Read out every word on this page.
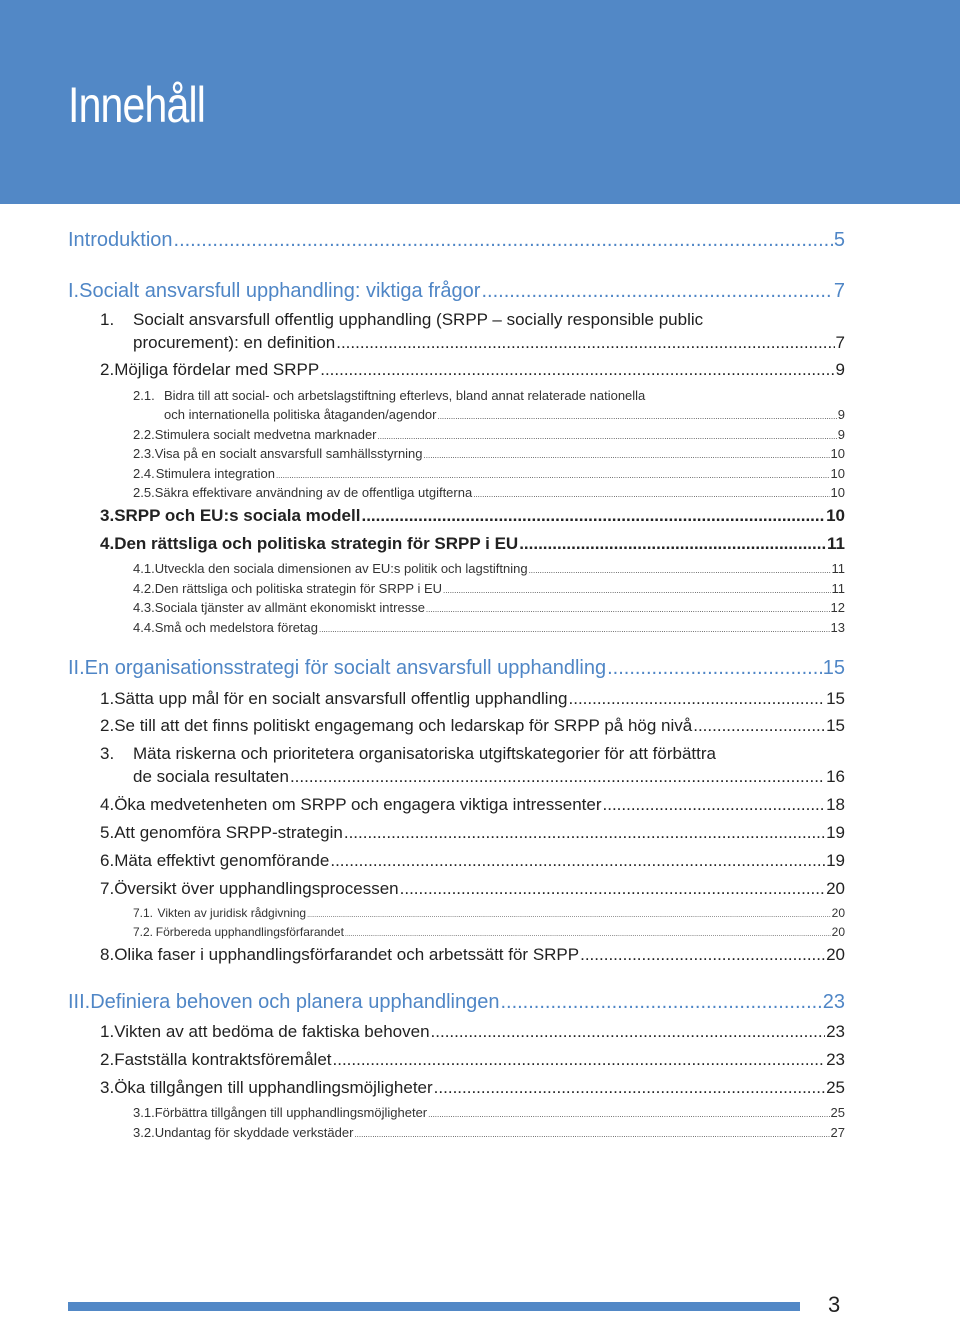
Innehåll
Introduktion .....	5
I. Socialt ansvarsfull upphandling: viktiga frågor .....	7
1.	Socialt ansvarsfull offentlig upphandling (SRPP – socially responsible public
procurement): en definition .....	7
2. Möjliga fördelar med SRPP .....	9
2.1. Bidra till att social- och arbetslagstiftning efterlevs, bland annat relaterade nationella
och internationella politiska åtaganden/agendor .....	9
2.2. Stimulera socialt medvetna marknader .....	9
2.3. Visa på en socialt ansvarsfull samhällsstyrning .....	10
2.4. Stimulera integration .....	10
2.5. Säkra effektivare användning av de offentliga utgifterna .....	10
3. SRPP och EU:s sociala modell .....	10
4. Den rättsliga och politiska strategin för SRPP i EU .....	11
4.1. Utveckla den sociala dimensionen av EU:s politik och lagstiftning .....	11
4.2. Den rättsliga och politiska strategin för SRPP i EU .....	11
4.3. Sociala tjänster av allmänt ekonomiskt intresse .....	12
4.4. Små och medelstora företag .....	13
II. En organisationsstrategi för socialt ansvarsfull upphandling .....	15
1. Sätta upp mål för en socialt ansvarsfull offentlig upphandling .....	15
2. Se till att det finns politiskt engagemang och ledarskap för SRPP på hög nivå .....	15
3.	Mäta riskerna och prioritetera organisatoriska utgiftskategorier för att förbättra
de sociala resultaten .....	16
4. Öka medvetenheten om SRPP och engagera viktiga intressenter .....	18
5. Att genomföra SRPP-strategin .....	19
6. Mäta effektivt genomförande .....	19
7. Översikt över upphandlingsprocessen .....	20
7.1. Vikten av juridisk rådgivning .....	20
7.2. Förbereda upphandlingsförfarandet .....	20
8. Olika faser i upphandlingsförfarandet och arbetssätt för SRPP .....	20
III. Definiera behoven och planera upphandlingen .....	23
1. Vikten av att bedöma de faktiska behoven .....	23
2. Fastställa kontraktsföremålet .....	23
3. Öka tillgången till upphandlingsmöjligheter .....	25
3.1. Förbättra tillgången till upphandlingsmöjligheter .....	25
3.2. Undantag för skyddade verkstäder .....	27
3
